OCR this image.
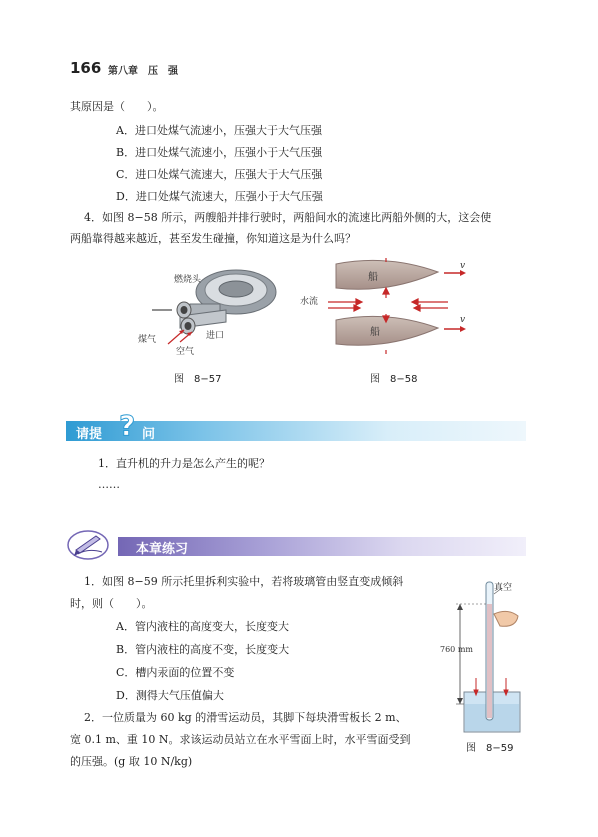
166 第八章　压　强
其原因是（　　）。
A．进口处煤气流速小，压强大于大气压强
B．进口处煤气流速小，压强小于大气压强
C．进口处煤气流速大，压强大于大气压强
D．进口处煤气流速大，压强小于大气压强
4．如图 8−58 所示，两艘船并排行驶时，两船间水的流速比两船外侧的大，这会使
两船靠得越来越近，甚至发生碰撞，你知道这是为什么吗？
燃烧头
煤气	进口
空气
图　8−57
船
船
v
v
水流
图　8−58
请提 ? 问
1．直升机的升力是怎么产生的呢？
……
本章练习
1．如图 8−59 所示托里拆利实验中，若将玻璃管由竖直变成倾斜
时，则（　　）。
A．管内液柱的高度变大，长度变大
B．管内液柱的高度不变，长度变大
C．槽内汞面的位置不变
D．测得大气压值偏大
2．一位质量为 60 kg 的滑雪运动员，其脚下每块滑雪板长 2 m、
宽 0.1 m、重 10 N。求该运动员站立在水平雪面上时，水平雪面受到
的压强。(g 取 10 N/kg)
真空
760 mm
图　8−59
